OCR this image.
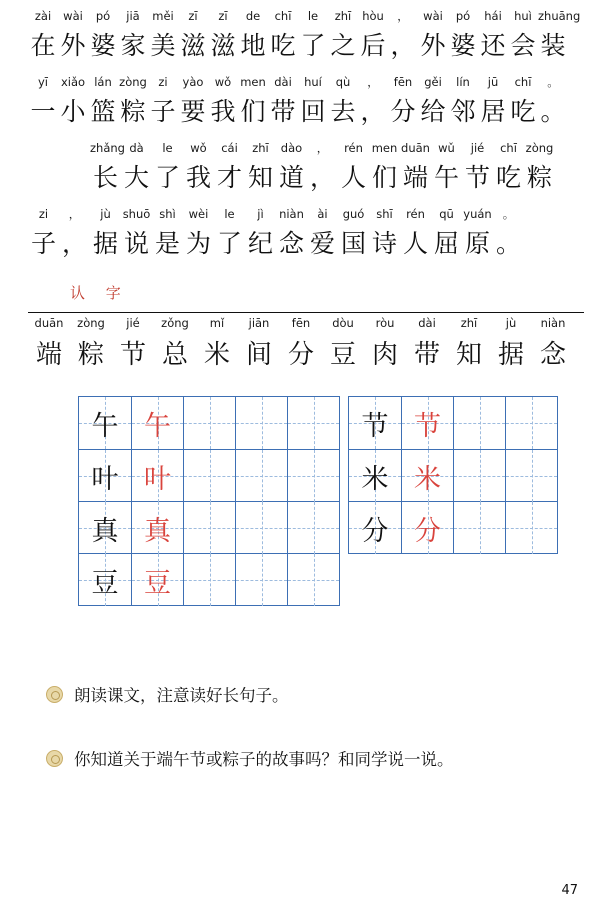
zài wài pó jiā měi zī zī de chī le zhī hòu ， wài pó hái huì zhuāng
在 外 婆 家 美 滋 滋 地 吃 了 之 后 ， 外 婆 还 会 装
yī xiǎo lán zòng zi yào wǒ men dài huí qù ， fēn gěi lín jū chī 。
一 小 篮 粽 子 要 我 们 带 回 去 ， 分 给 邻 居 吃 。
zhǎng dà le wǒ cái zhī dào ， rén men duān wǔ jié chī zòng
长 大 了 我 才 知 道 ， 人 们 端 午 节 吃 粽
zi ， jù shuō shì wèi le jì niàn ài guó shī rén qū yuán 。
子 ， 据 说 是 为 了 纪 念 爱 国 诗 人 屈 原 。
认 字
duān zòng jié zǒng mǐ jiān fēn dòu ròu dài zhī jù niàn
端 粽 节 总 米 间 分 豆 肉 带 知 据 念
午 午
叶 叶
真 真
豆 豆
节 节
米 米
分 分
朗读课文，注意读好长句子。
你知道关于端午节或粽子的故事吗？和同学说一说。
47
